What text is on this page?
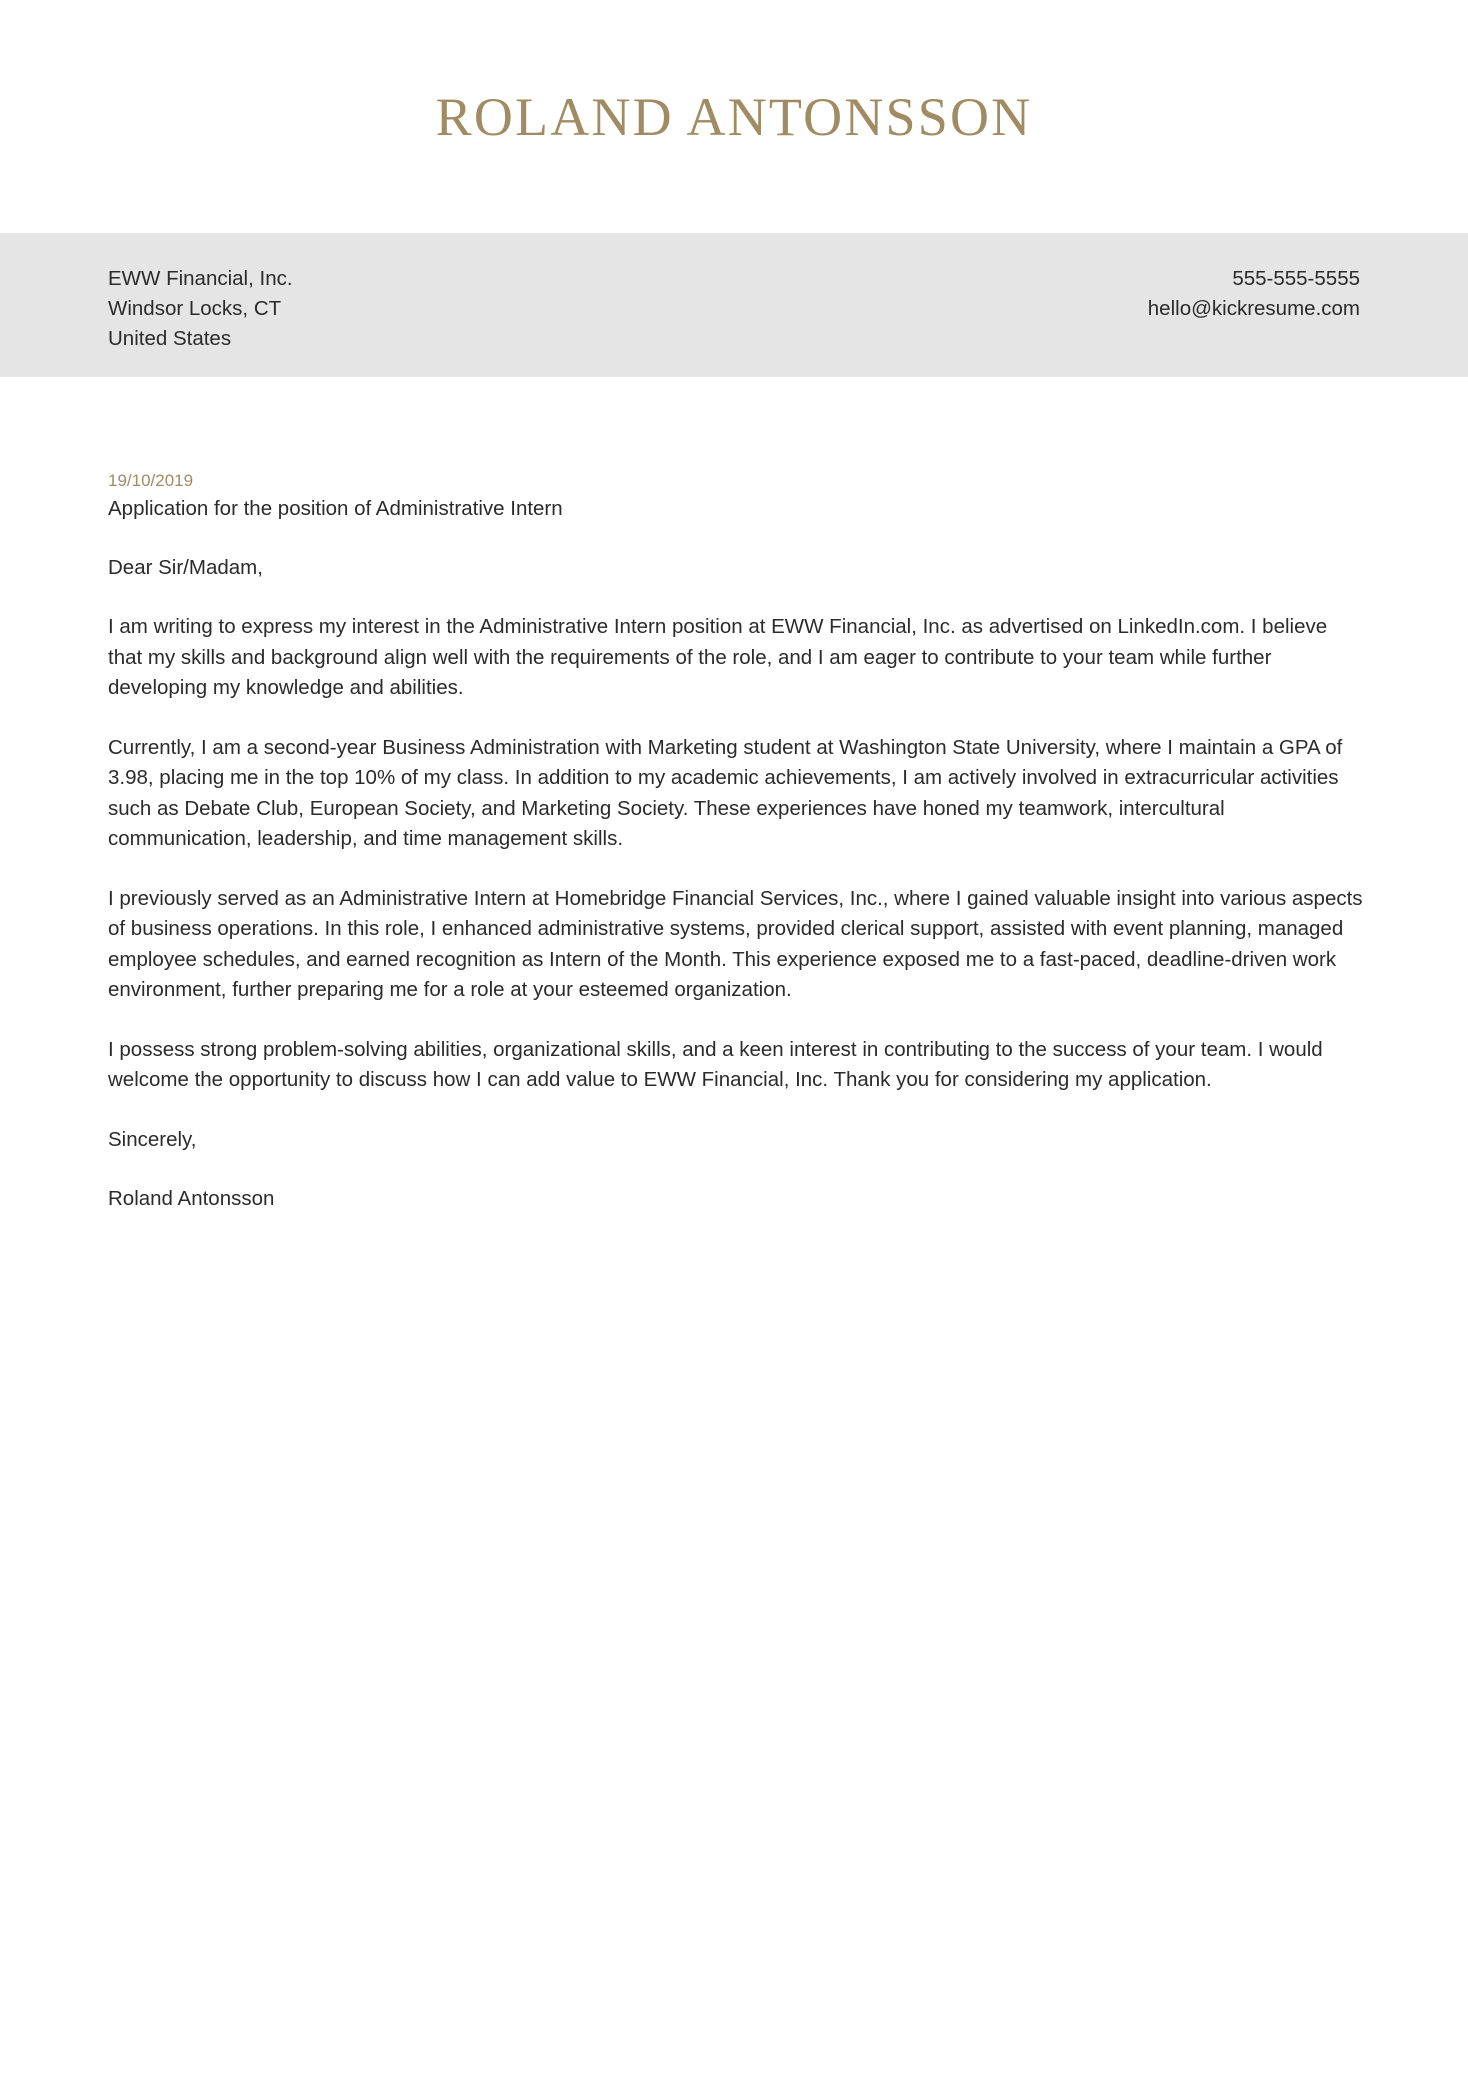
ROLAND ANTONSSON
EWW Financial, Inc.
Windsor Locks, CT
United States
555-555-5555
hello@kickresume.com
19/10/2019
Application for the position of Administrative Intern
Dear Sir/Madam,

I am writing to express my interest in the Administrative Intern position at EWW Financial, Inc. as advertised on LinkedIn.com. I believe that my skills and background align well with the requirements of the role, and I am eager to contribute to your team while further developing my knowledge and abilities.

Currently, I am a second-year Business Administration with Marketing student at Washington State University, where I maintain a GPA of 3.98, placing me in the top 10% of my class. In addition to my academic achievements, I am actively involved in extracurricular activities such as Debate Club, European Society, and Marketing Society. These experiences have honed my teamwork, intercultural communication, leadership, and time management skills.

I previously served as an Administrative Intern at Homebridge Financial Services, Inc., where I gained valuable insight into various aspects of business operations. In this role, I enhanced administrative systems, provided clerical support, assisted with event planning, managed employee schedules, and earned recognition as Intern of the Month. This experience exposed me to a fast-paced, deadline-driven work environment, further preparing me for a role at your esteemed organization.

I possess strong problem-solving abilities, organizational skills, and a keen interest in contributing to the success of your team. I would welcome the opportunity to discuss how I can add value to EWW Financial, Inc. Thank you for considering my application.

Sincerely,
Roland Antonsson
